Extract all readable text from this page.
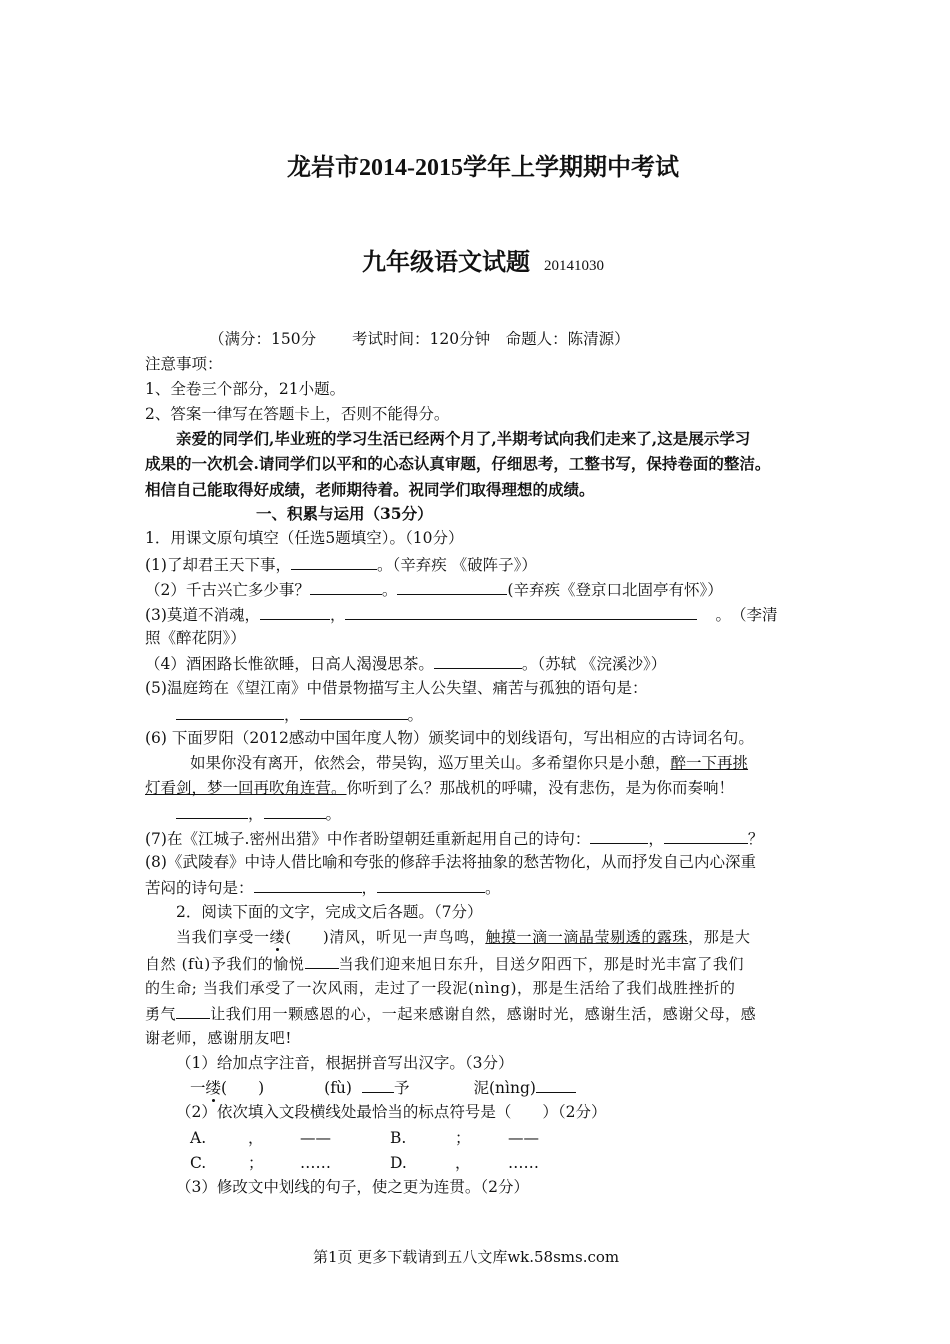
龙岩市2014-2015学年上学期期中考试
九年级语文试题 20141030
（满分：150分　　 考试时间：120分钟　命题人：陈清源）
注意事项：
1、全卷三个部分，21小题。
2、答案一律写在答题卡上，否则不能得分。
亲爱的同学们,毕业班的学习生活已经两个月了,半期考试向我们走来了,这是展示学习
成果的一次机会.请同学们以平和的心态认真审题，仔细思考，工整书写，保持卷面的整洁。
相信自己能取得好成绩，老师期待着。祝同学们取得理想的成绩。
一、积累与运用（35分）
1．用课文原句填空（任选5题填空）。（10分）
(1)了却君王天下事，	。（辛弃疾 《破阵子》）
（2）千古兴亡多少事？	。	(辛弃疾《登京口北固亭有怀》）
(3)莫道不消魂，	，	。　（李清
照《醉花阴》）
（4）酒困路长惟欲睡，日高人渴漫思茶。	。（苏轼 《浣溪沙》）
(5)温庭筠在《望江南》中借景物描写主人公失望、痛苦与孤独的语句是：
，	。
(6) 下面罗阳（2012感动中国年度人物）颁奖词中的划线语句，写出相应的古诗词名句。
如果你没有离开，依然会，带吴钩，巡万里关山。多希望你只是小憩，醉一下再挑
灯看剑，梦一回再吹角连营。你听到了么？那战机的呼啸，没有悲伤，是为你而奏响！
，	。
(7)在《江城子.密州出猎》中作者盼望朝廷重新起用自己的诗句：	，	？
(8)《武陵春》中诗人借比喻和夸张的修辞手法将抽象的愁苦物化，从而抒发自己内心深重
苦闷的诗句是：	，	。
2．阅读下面的文字，完成文后各题。（7分）
当我们享受一缕(　　)清风，听见一声鸟鸣，触摸一滴一滴晶莹剔透的露珠，那是大
自然 (fù)予我们的愉悦 当我们迎来旭日东升，目送夕阳西下，那是时光丰富了我们
的生命; 当我们承受了一次风雨，走过了一段泥(nìng)，那是生活给了我们战胜挫折的
勇气 让我们用一颗感恩的心，一起来感谢自然，感谢时光，感谢生活，感谢父母，感
谢老师，感谢朋友吧!
（1）给加点字注音，根据拼音写出汉字。（3分）
一缕(　　)	(fù)	予	泥(nìng)
（2）依次填入文段横线处最恰当的标点符号是（　　）（2分）
A.	， ——	B.	； ——
C.	； ……	D.	， ……
（3）修改文中划线的句子，使之更为连贯。（2分）
第1页 更多下载请到五八文库wk.58sms.com
